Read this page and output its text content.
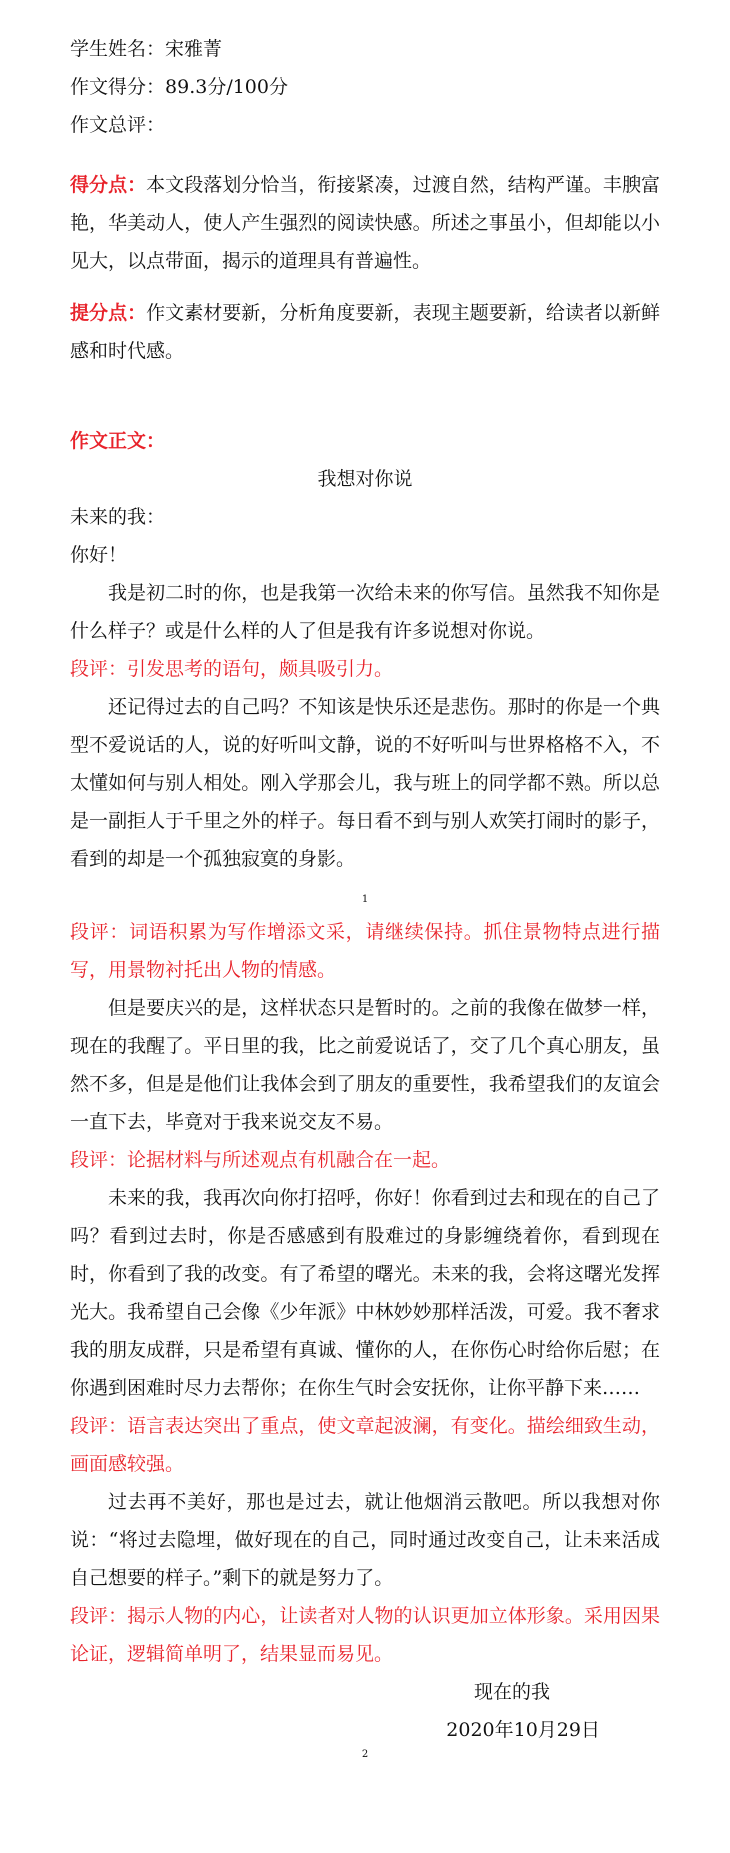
学生姓名：宋雅菁
作文得分：89.3分/100分
作文总评：

得分点：本文段落划分恰当，衔接紧凑，过渡自然，结构严谨。丰腴富艳，华美动人，使人产生强烈的阅读快感。所述之事虽小，但却能以小见大，以点带面，揭示的道理具有普遍性。

提分点：作文素材要新，分析角度要新，表现主题要新，给读者以新鲜感和时代感。

作文正文：
我想对你说
未来的我：
你好！

我是初二时的你，也是我第一次给未来的你写信。虽然我不知你是什么样子？或是什么样的人了但是我有许多说想对你说。

段评：引发思考的语句，颇具吸引力。

还记得过去的自己吗？不知该是快乐还是悲伤。那时的你是一个典型不爱说话的人，说的好听叫文静，说的不好听叫与世界格格不入，不太懂如何与别人相处。刚入学那会儿，我与班上的同学都不熟。所以总是一副拒人于千里之外的样子。每日看不到与别人欢笑打闹时的影子，看到的却是一个孤独寂寞的身影。

1

段评：词语积累为写作增添文采，请继续保持。抓住景物特点进行描写，用景物衬托出人物的情感。

但是要庆兴的是，这样状态只是暂时的。之前的我像在做梦一样，现在的我醒了。平日里的我，比之前爱说话了，交了几个真心朋友，虽然不多，但是是他们让我体会到了朋友的重要性，我希望我们的友谊会一直下去，毕竟对于我来说交友不易。

段评：论据材料与所述观点有机融合在一起。

未来的我，我再次向你打招呼，你好！你看到过去和现在的自己了吗？看到过去时，你是否感感到有股难过的身影缠绕着你，看到现在时，你看到了我的改变。有了希望的曙光。未来的我，会将这曙光发挥光大。我希望自己会像《少年派》中林妙妙那样活泼，可爱。我不奢求我的朋友成群，只是希望有真诚、懂你的人，在你伤心时给你后慰；在你遇到困难时尽力去帮你；在你生气时会安抚你，让你平静下来……

段评：语言表达突出了重点，使文章起波澜，有变化。描绘细致生动，画面感较强。

过去再不美好，那也是过去，就让他烟消云散吧。所以我想对你说：“将过去隐埋，做好现在的自己，同时通过改变自己，让未来活成自己想要的样子。”剩下的就是努力了。

段评：揭示人物的内心，让读者对人物的认识更加立体形象。采用因果论证，逻辑简单明了，结果显而易见。

现在的我
2020年10月29日
2
